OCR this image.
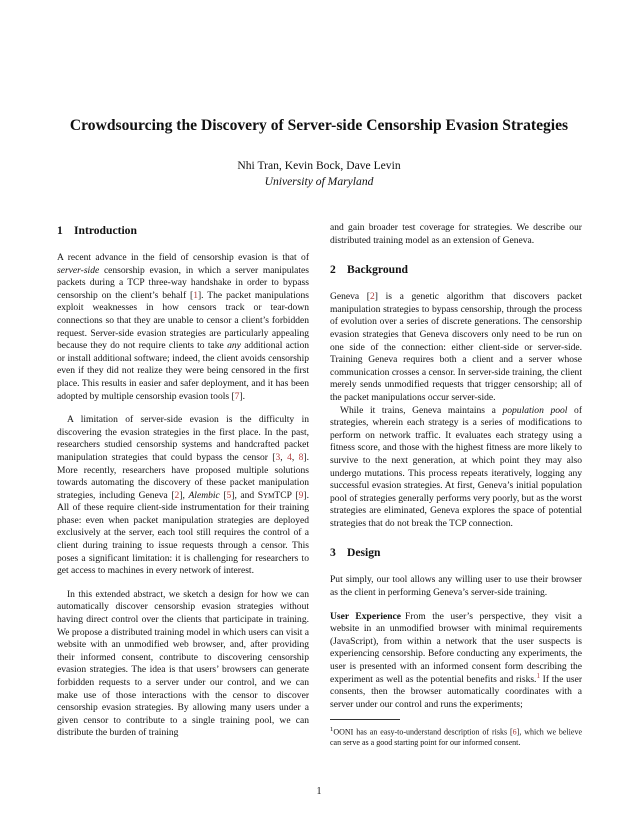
Crowdsourcing the Discovery of Server-side Censorship Evasion Strategies
Nhi Tran, Kevin Bock, Dave Levin
University of Maryland
1 Introduction

A recent advance in the field of censorship evasion is that of server-side censorship evasion, in which a server manipulates packets during a TCP three-way handshake in order to bypass censorship on the client’s behalf [1]. The packet manipulations exploit weaknesses in how censors track or tear-down connections so that they are unable to censor a client’s forbidden request. Server-side evasion strategies are particularly appealing because they do not require clients to take any additional action or install additional software; indeed, the client avoids censorship even if they did not realize they were being censored in the first place. This results in easier and safer deployment, and it has been adopted by multiple censorship evasion tools [7].

A limitation of server-side evasion is the difficulty in discovering the evasion strategies in the first place. In the past, researchers studied censorship systems and handcrafted packet manipulation strategies that could bypass the censor [3, 4, 8]. More recently, researchers have proposed multiple solutions towards automating the discovery of these packet manipulation strategies, including Geneva [2], Alembic [5], and SymTCP [9]. All of these require client-side instrumentation for their training phase: even when packet manipulation strategies are deployed exclusively at the server, each tool still requires the control of a client during training to issue requests through a censor. This poses a significant limitation: it is challenging for researchers to get access to machines in every network of interest.

In this extended abstract, we sketch a design for how we can automatically discover censorship evasion strategies without having direct control over the clients that participate in training. We propose a distributed training model in which users can visit a website with an unmodified web browser, and, after providing their informed consent, contribute to discovering censorship evasion strategies. The idea is that users’ browsers can generate forbidden requests to a server under our control, and we can make use of those interactions with the censor to discover censorship evasion strategies. By allowing many users under a given censor to contribute to a single training pool, we can distribute the burden of training

and gain broader test coverage for strategies. We describe our distributed training model as an extension of Geneva.

2 Background

Geneva [2] is a genetic algorithm that discovers packet manipulation strategies to bypass censorship, through the process of evolution over a series of discrete generations. The censorship evasion strategies that Geneva discovers only need to be run on one side of the connection: either client-side or server-side. Training Geneva requires both a client and a server whose communication crosses a censor. In server-side training, the client merely sends unmodified requests that trigger censorship; all of the packet manipulations occur server-side.

While it trains, Geneva maintains a population pool of strategies, wherein each strategy is a series of modifications to perform on network traffic. It evaluates each strategy using a fitness score, and those with the highest fitness are more likely to survive to the next generation, at which point they may also undergo mutations. This process repeats iteratively, logging any successful evasion strategies. At first, Geneva’s initial population pool of strategies generally performs very poorly, but as the worst strategies are eliminated, Geneva explores the space of potential strategies that do not break the TCP connection.

3 Design

Put simply, our tool allows any willing user to use their browser as the client in performing Geneva’s server-side training.

User Experience From the user’s perspective, they visit a website in an unmodified browser with minimal requirements (JavaScript), from within a network that the user suspects is experiencing censorship. Before conducting any experiments, the user is presented with an informed consent form describing the experiment as well as the potential benefits and risks.$^1$ If the user consents, then the browser automatically coordinates with a server under our control and runs the experiments;

$^1$OONI has an easy-to-understand description of risks [6], which we believe can serve as a good starting point for our informed consent.

1
